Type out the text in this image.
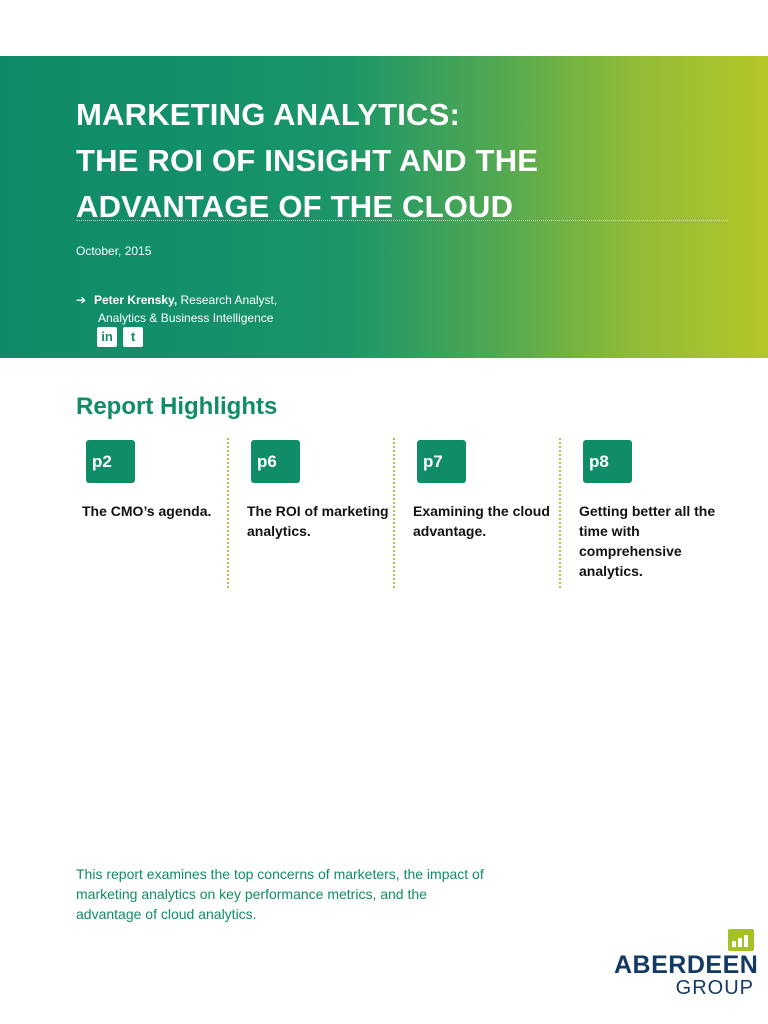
MARKETING ANALYTICS:
THE ROI OF INSIGHT AND THE
ADVANTAGE OF THE CLOUD
October, 2015
➔ Peter Krensky, Research Analyst,
Analytics & Business Intelligence
in	t
Report Highlights
p2
The CMO’s agenda.
p6
The ROI of marketing analytics.
p7
Examining the cloud advantage.
p8
Getting better all the time with comprehensive analytics.

This report examines the top concerns of marketers, the impact of marketing analytics on key performance metrics, and the advantage of cloud analytics.

ABERDEEN
GROUP
